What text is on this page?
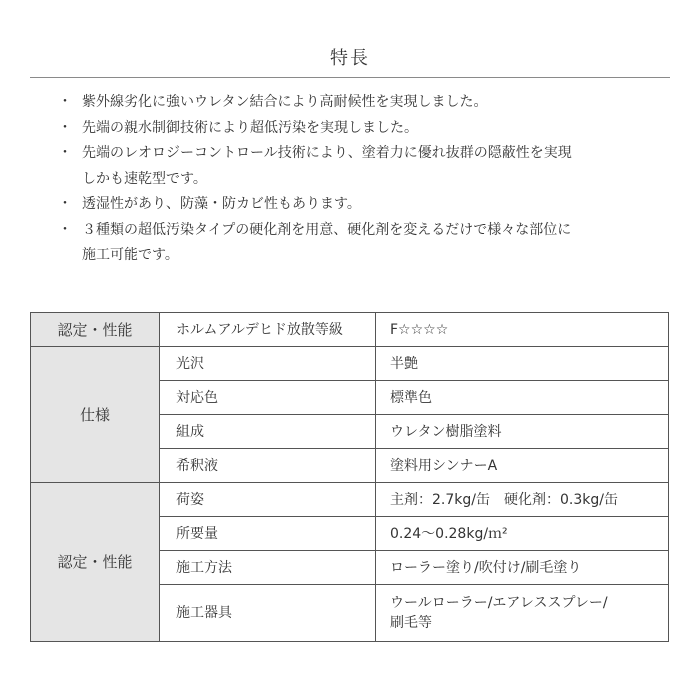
特長
・ 紫外線劣化に強いウレタン結合により高耐候性を実現しました。
・ 先端の親水制御技術により超低汚染を実現しました。
・ 先端のレオロジーコントロール技術により、塗着力に優れ抜群の隠蔽性を実現
しかも速乾型です。
・ 透湿性があり、防藻・防カビ性もあります。
・ ３種類の超低汚染タイプの硬化剤を用意、硬化剤を変えるだけで様々な部位に
施工可能です。
認定・性能	ホルムアルデヒド放散等級	F☆☆☆☆
仕様	光沢	半艶
	対応色	標準色
	組成	ウレタン樹脂塗料
	希釈液	塗料用シンナーA
認定・性能	荷姿	主剤：2.7kg/缶　硬化剤：0.3kg/缶
	所要量	0.24～0.28kg/ｍ²
	施工方法	ローラー塗り/吹付け/刷毛塗り
	施工器具	ウールローラー/エアレススプレー/
刷毛等
